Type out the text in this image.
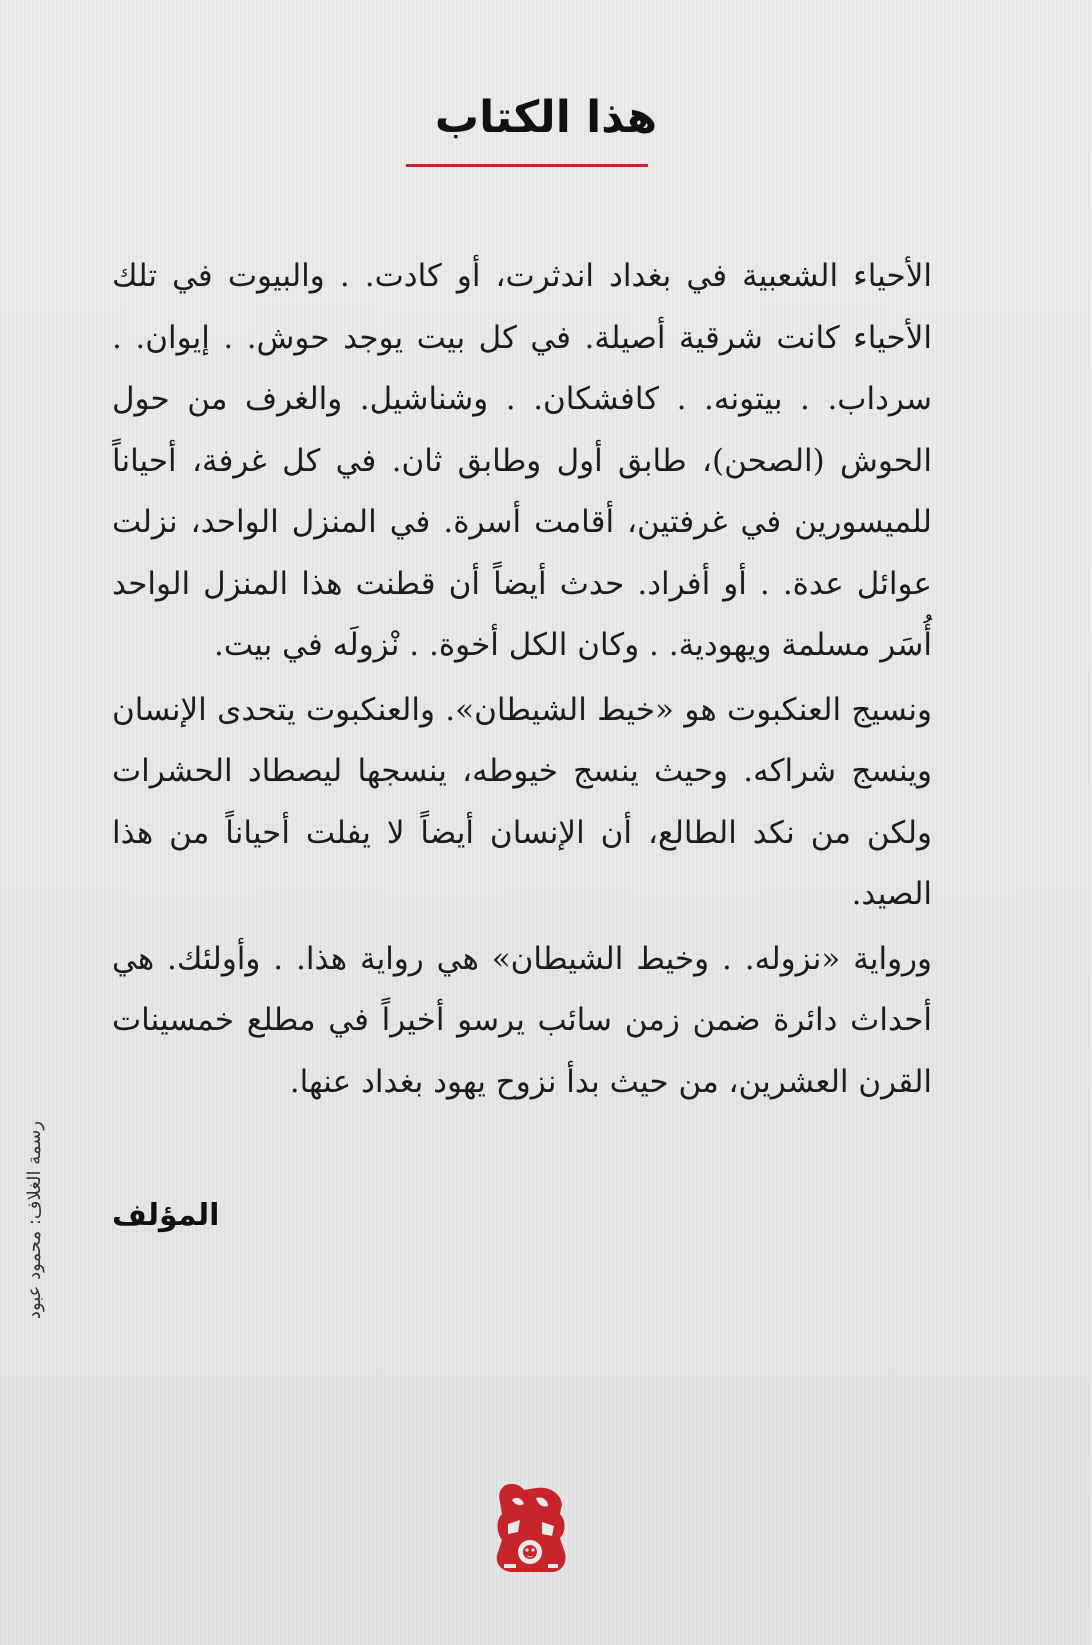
هذا الكتاب

الأحياء الشعبية في بغداد اندثرت، أو كادت. . والبيوت في تلك الأحياء كانت شرقية أصيلة. في كل بيت يوجد حوش. . إيوان. . سرداب. . بيتونه. . كافشكان. . وشناشيل. والغرف من حول الحوش (الصحن)، طابق أول وطابق ثان. في كل غرفة، أحياناً للميسورين في غرفتين، أقامت أسرة. في المنزل الواحد، نزلت عوائل عدة. . أو أفراد. حدث أيضاً أن قطنت هذا المنزل الواحد أُسَر مسلمة ويهودية. . وكان الكل أخوة. . نْزولَه في بيت.

ونسيج العنكبوت هو «خيط الشيطان». والعنكبوت يتحدى الإنسان وينسج شراكه. وحيث ينسج خيوطه، ينسجها ليصطاد الحشرات ولكن من نكد الطالع، أن الإنسان أيضاً لا يفلت أحياناً من هذا الصيد.

ورواية «نزوله. . وخيط الشيطان» هي رواية هذا. . وأولئك. هي أحداث دائرة ضمن زمن سائب يرسو أخيراً في مطلع خمسينات القرن العشرين، من حيث بدأ نزوح يهود بغداد عنها.

المؤلف
رسمة الغلاف: محمود عبود
